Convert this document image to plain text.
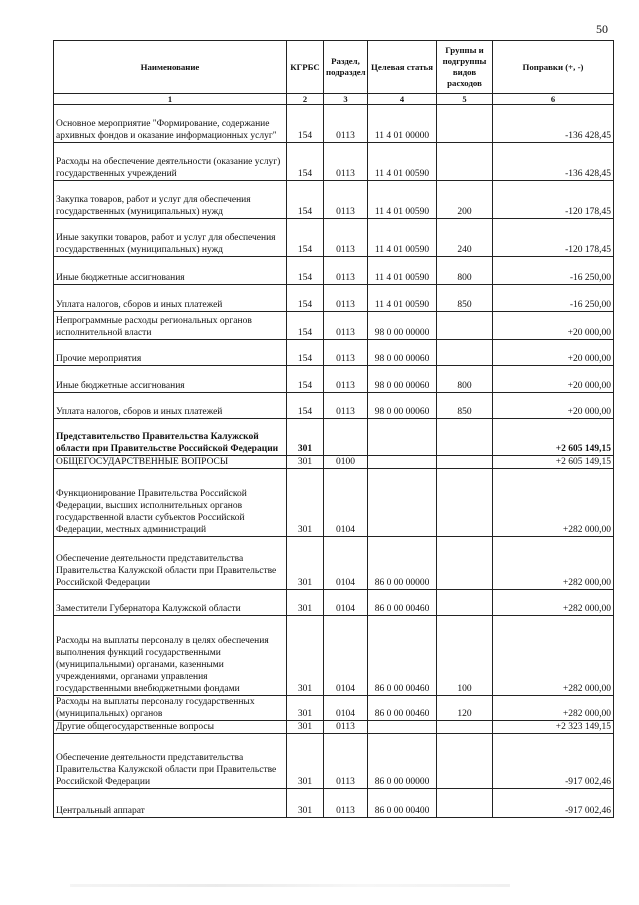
50
Наименование	КГРБС	Раздел, подраздел	Целевая статья	Группы и подгруппы видов расходов	Поправки (+, -)
1	2	3	4	5	6
Основное мероприятие "Формирование, содержание архивных фондов и оказание информационных услуг"	154	0113	11 4 01 00000		-136 428,45
Расходы на обеспечение деятельности (оказание услуг) государственных учреждений	154	0113	11 4 01 00590		-136 428,45
Закупка товаров, работ и услуг для обеспечения государственных (муниципальных) нужд	154	0113	11 4 01 00590	200	-120 178,45
Иные закупки товаров, работ и услуг для обеспечения государственных (муниципальных) нужд	154	0113	11 4 01 00590	240	-120 178,45
Иные бюджетные ассигнования	154	0113	11 4 01 00590	800	-16 250,00
Уплата налогов, сборов и иных платежей	154	0113	11 4 01 00590	850	-16 250,00
Непрограммные расходы региональных органов исполнительной власти	154	0113	98 0 00 00000		+20 000,00
Прочие мероприятия	154	0113	98 0 00 00060		+20 000,00
Иные бюджетные ассигнования	154	0113	98 0 00 00060	800	+20 000,00
Уплата налогов, сборов и иных платежей	154	0113	98 0 00 00060	850	+20 000,00
Представительство Правительства Калужской области при Правительстве Российской Федерации	301				+2 605 149,15
ОБЩЕГОСУДАРСТВЕННЫЕ ВОПРОСЫ	301	0100			+2 605 149,15
Функционирование Правительства Российской Федерации, высших исполнительных органов государственной власти субъектов Российской Федерации, местных администраций	301	0104			+282 000,00
Обеспечение деятельности представительства Правительства Калужской области при Правительстве Российской Федерации	301	0104	86 0 00 00000		+282 000,00
Заместители Губернатора Калужской области	301	0104	86 0 00 00460		+282 000,00
Расходы на выплаты персоналу в целях обеспечения выполнения функций государственными (муниципальными) органами, казенными учреждениями, органами управления государственными внебюджетными фондами	301	0104	86 0 00 00460	100	+282 000,00
Расходы на выплаты персоналу государственных (муниципальных) органов	301	0104	86 0 00 00460	120	+282 000,00
Другие общегосударственные вопросы	301	0113			+2 323 149,15
Обеспечение деятельности представительства Правительства Калужской области при Правительстве Российской Федерации	301	0113	86 0 00 00000		-917 002,46
Центральный аппарат	301	0113	86 0 00 00400		-917 002,46
